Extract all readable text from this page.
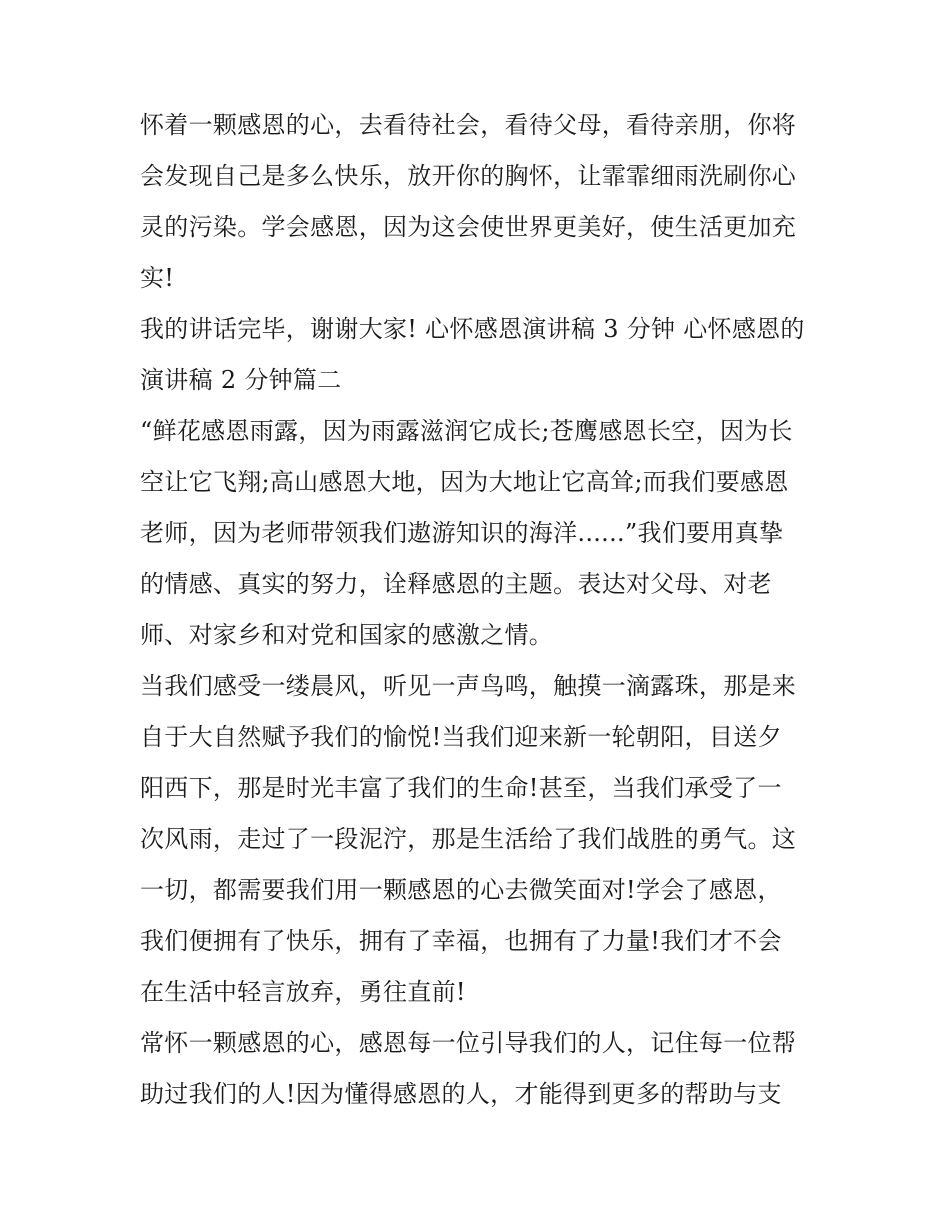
怀着一颗感恩的心，去看待社会，看待父母，看待亲朋，你将
会发现自己是多么快乐，放开你的胸怀，让霏霏细雨洗刷你心
灵的污染。学会感恩，因为这会使世界更美好，使生活更加充
实!
我的讲话完毕，谢谢大家! 心怀感恩演讲稿 3 分钟 心怀感恩的
演讲稿 2 分钟篇二
“鲜花感恩雨露，因为雨露滋润它成长;苍鹰感恩长空，因为长
空让它飞翔;高山感恩大地，因为大地让它高耸;而我们要感恩
老师，因为老师带领我们遨游知识的海洋......”我们要用真挚
的情感、真实的努力，诠释感恩的主题。表达对父母、对老
师、对家乡和对党和国家的感激之情。
当我们感受一缕晨风，听见一声鸟鸣，触摸一滴露珠，那是来
自于大自然赋予我们的愉悦!当我们迎来新一轮朝阳，目送夕
阳西下，那是时光丰富了我们的生命!甚至，当我们承受了一
次风雨，走过了一段泥泞，那是生活给了我们战胜的勇气。这
一切，都需要我们用一颗感恩的心去微笑面对!学会了感恩，
我们便拥有了快乐，拥有了幸福，也拥有了力量!我们才不会
在生活中轻言放弃，勇往直前!
常怀一颗感恩的心，感恩每一位引导我们的人，记住每一位帮
助过我们的人!因为懂得感恩的人，才能得到更多的帮助与支
